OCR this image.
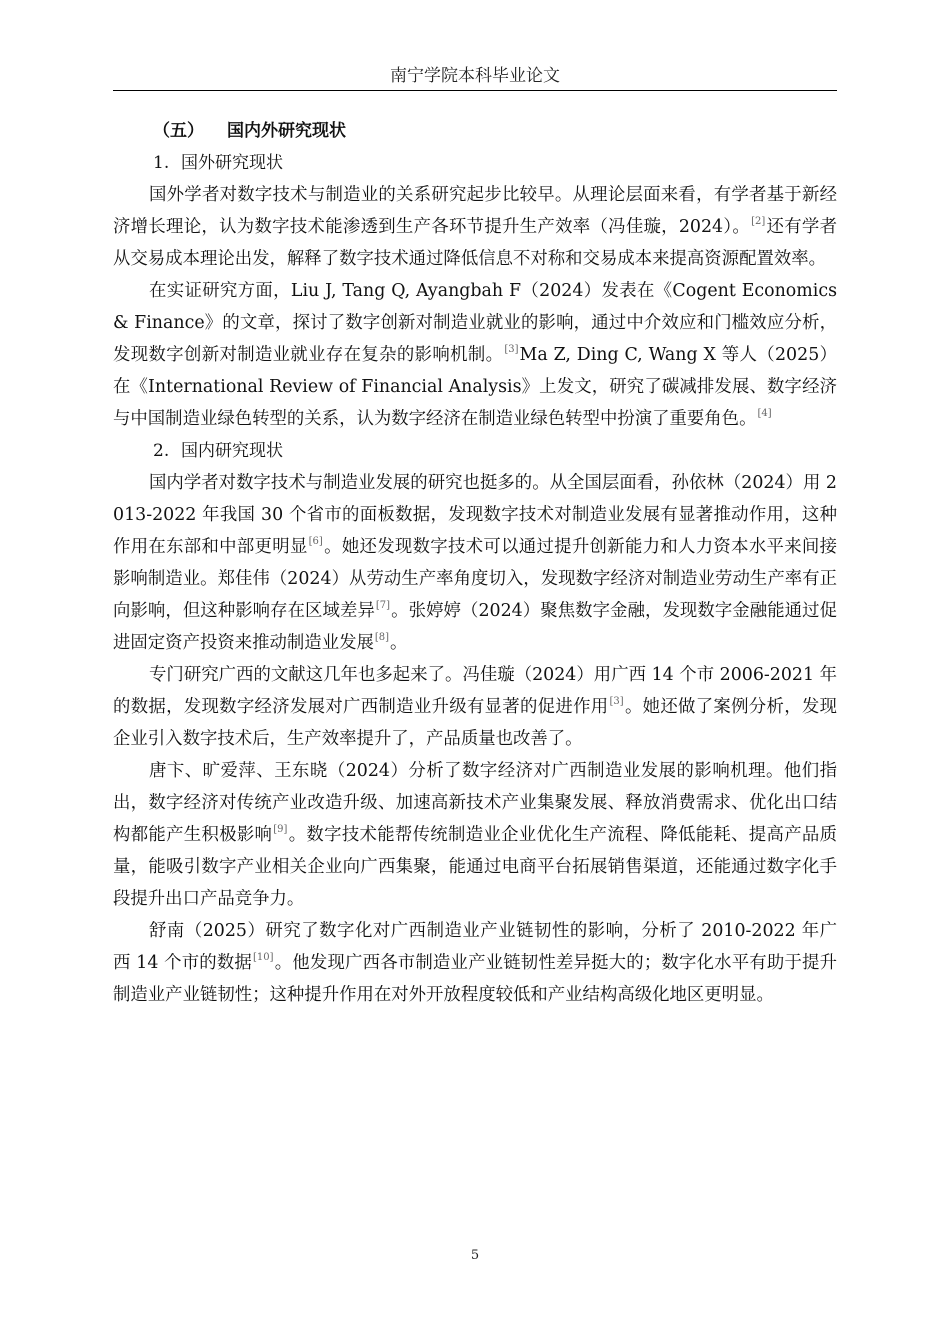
南宁学院本科毕业论文

（五） 国内外研究现状

1. 国外研究现状

国外学者对数字技术与制造业的关系研究起步比较早。从理论层面来看，有学者基于新经济增长理论，认为数字技术能渗透到生产各环节提升生产效率（冯佳璇，2024）。[2]还有学者从交易成本理论出发，解释了数字技术通过降低信息不对称和交易成本来提高资源配置效率。

在实证研究方面，Liu J, Tang Q, Ayangbah F（2024）发表在《Cogent Economics & Finance》的文章，探讨了数字创新对制造业就业的影响，通过中介效应和门槛效应分析，发现数字创新对制造业就业存在复杂的影响机制。[3]Ma Z, Ding C, Wang X 等人（2025）在《International Review of Financial Analysis》上发文，研究了碳减排发展、数字经济与中国制造业绿色转型的关系，认为数字经济在制造业绿色转型中扮演了重要角色。[4]

2. 国内研究现状

国内学者对数字技术与制造业发展的研究也挺多的。从全国层面看，孙依林（2024）用 2013-2022 年我国 30 个省市的面板数据，发现数字技术对制造业发展有显著推动作用，这种作用在东部和中部更明显[6]。她还发现数字技术可以通过提升创新能力和人力资本水平来间接影响制造业。郑佳伟（2024）从劳动生产率角度切入，发现数字经济对制造业劳动生产率有正向影响，但这种影响存在区域差异[7]。张婷婷（2024）聚焦数字金融，发现数字金融能通过促进固定资产投资来推动制造业发展[8]。

专门研究广西的文献这几年也多起来了。冯佳璇（2024）用广西 14 个市 2006-2021 年的数据，发现数字经济发展对广西制造业升级有显著的促进作用[3]。她还做了案例分析，发现企业引入数字技术后，生产效率提升了，产品质量也改善了。

唐卞、旷爱萍、王东晓（2024）分析了数字经济对广西制造业发展的影响机理。他们指出，数字经济对传统产业改造升级、加速高新技术产业集聚发展、释放消费需求、优化出口结构都能产生积极影响[9]。数字技术能帮传统制造业企业优化生产流程、降低能耗、提高产品质量，能吸引数字产业相关企业向广西集聚，能通过电商平台拓展销售渠道，还能通过数字化手段提升出口产品竞争力。

舒南（2025）研究了数字化对广西制造业产业链韧性的影响，分析了 2010-2022 年广西 14 个市的数据[10]。他发现广西各市制造业产业链韧性差异挺大的；数字化水平有助于提升制造业产业链韧性；这种提升作用在对外开放程度较低和产业结构高级化地区更明显。

5
